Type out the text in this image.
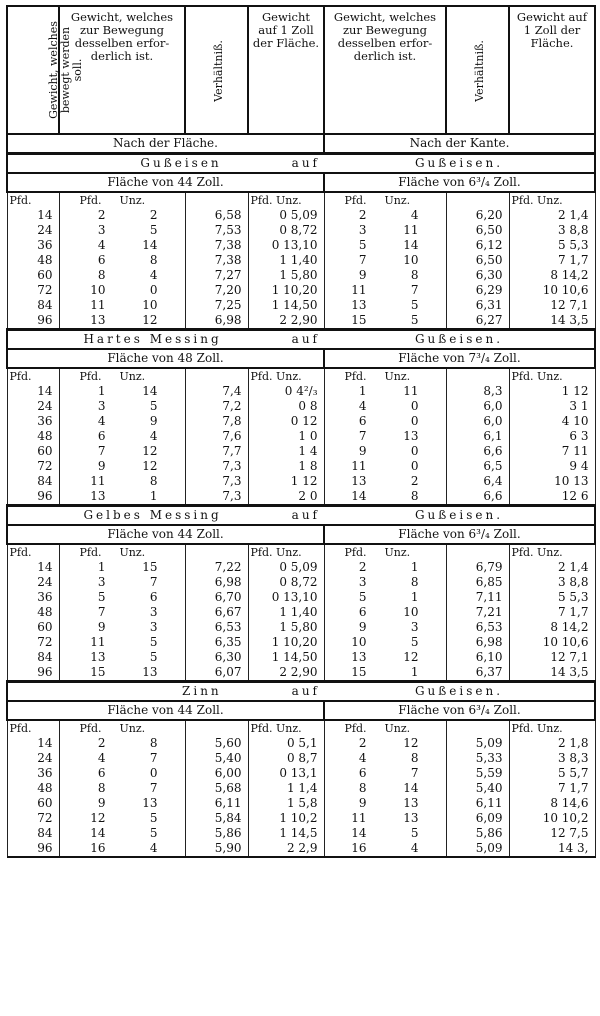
Gewicht, welches bewegt werden soll.	Gewicht, welches zur Bewegung desselben erfor-derlich ist.	Verhältniß.	Gewicht auf 1 Zoll der Fläche.	Gewicht, welches zur Bewegung desselben erfor-derlich ist.	Verhältniß.	Gewicht auf 1 Zoll der Fläche.
Nach der Fläche.				Nach der Kante.		
Gußeisen auf				Gußeisen.		
Fläche von 44 Zoll.				Fläche von 6³/₄ Zoll.		
Pfd.	Pfd. Unz.		Pfd. Unz.	Pfd. Unz.		Pfd. Unz.
14	2 2	6,58	0 5,09	2 4	6,20	2 1,4
24	3 5	7,53	0 8,72	3 11	6,50	3 8,8
36	4 14	7,38	0 13,10	5 14	6,12	5 5,3
48	6 8	7,38	1 1,40	7 10	6,50	7 1,7
60	8 4	7,27	1 5,80	9 8	6,30	8 14,2
72	10 0	7,20	1 10,20	11 7	6,29	10 10,6
84	11 10	7,25	1 14,50	13 5	6,31	12 7,1
96	13 12	6,98	2 2,90	15 5	6,27	14 3,5
Hartes Messing auf				Gußeisen.		
Fläche von 48 Zoll.				Fläche von 7³/₄ Zoll.		
Pfd.	Pfd. Unz.		Pfd. Unz.	Pfd. Unz.		Pfd. Unz.
14	1 14	7,4	0 4²/₃	1 11	8,3	1 12
24	3 5	7,2	0 8	4 0	6,0	3 1
36	4 9	7,8	0 12	6 0	6,0	4 10
48	6 4	7,6	1 0	7 13	6,1	6 3
60	7 12	7,7	1 4	9 0	6,6	7 11
72	9 12	7,3	1 8	11 0	6,5	9 4
84	11 8	7,3	1 12	13 2	6,4	10 13
96	13 1	7,3	2 0	14 8	6,6	12 6
Gelbes Messing auf				Gußeisen.		
Fläche von 44 Zoll.				Fläche von 6³/₄ Zoll.		
Pfd.	Pfd. Unz.		Pfd. Unz.	Pfd. Unz.		Pfd. Unz.
14	1 15	7,22	0 5,09	2 1	6,79	2 1,4
24	3 7	6,98	0 8,72	3 8	6,85	3 8,8
36	5 6	6,70	0 13,10	5 1	7,11	5 5,3
48	7 3	6,67	1 1,40	6 10	7,21	7 1,7
60	9 3	6,53	1 5,80	9 3	6,53	8 14,2
72	11 5	6,35	1 10,20	10 5	6,98	10 10,6
84	13 5	6,30	1 14,50	13 12	6,10	12 7,1
96	15 13	6,07	2 2,90	15 1	6,37	14 3,5
Zinn auf				Gußeisen.		
Fläche von 44 Zoll.				Fläche von 6³/₄ Zoll.		
Pfd.	Pfd. Unz.		Pfd. Unz.	Pfd. Unz.		Pfd. Unz.
14	2 8	5,60	0 5,1	2 12	5,09	2 1,8
24	4 7	5,40	0 8,7	4 8	5,33	3 8,3
36	6 0	6,00	0 13,1	6 7	5,59	5 5,7
48	8 7	5,68	1 1,4	8 14	5,40	7 1,7
60	9 13	6,11	1 5,8	9 13	6,11	8 14,6
72	12 5	5,84	1 10,2	11 13	6,09	10 10,2
84	14 5	5,86	1 14,5	14 5	5,86	12 7,5
96	16 4	5,90	2 2,9	16 4	5,09	14 3,
